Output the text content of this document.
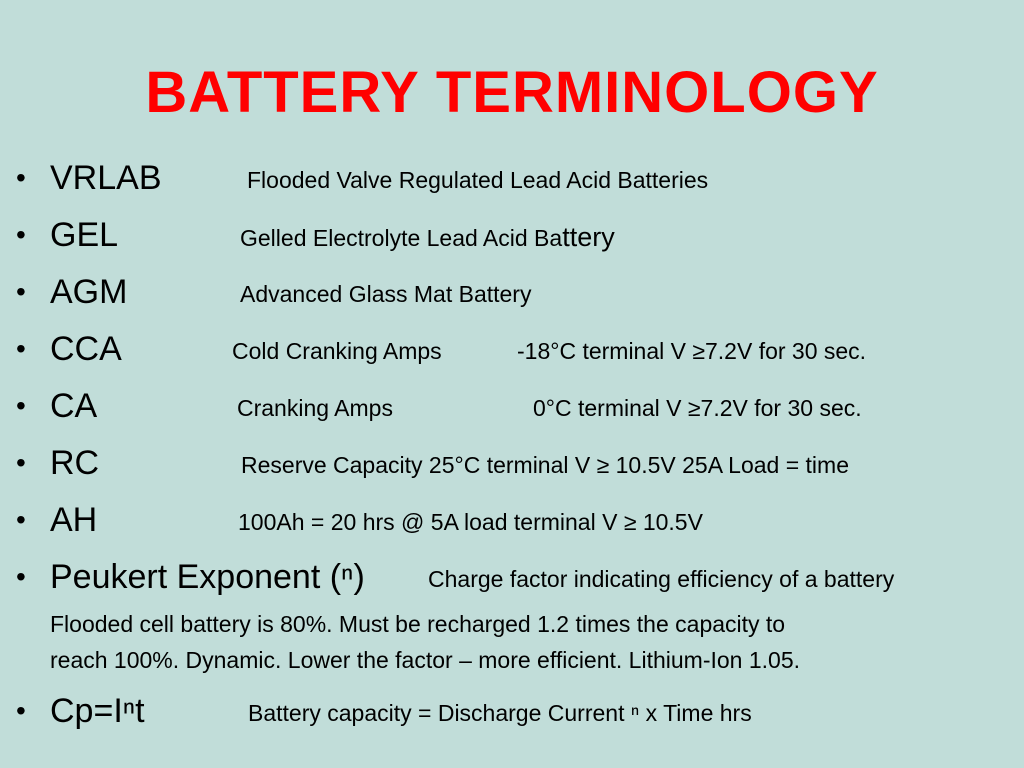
BATTERY TERMINOLOGY
• VRLAB	Flooded Valve Regulated Lead Acid Batteries
• GEL	Gelled Electrolyte Lead Acid Battery
• AGM	Advanced Glass Mat Battery
• CCA	Cold Cranking Amps	-18°C terminal V ≥7.2V for 30 sec.
• CA	Cranking Amps	0°C terminal V ≥7.2V for 30 sec.
• RC	Reserve Capacity 25°C terminal V ≥ 10.5V 25A Load = time
• AH	100Ah = 20 hrs @ 5A load terminal V ≥ 10.5V
• Peukert Exponent (ⁿ)	Charge factor indicating efficiency of a battery
Flooded cell battery is 80%. Must be recharged 1.2 times the capacity to
reach 100%. Dynamic. Lower the factor – more efficient. Lithium-Ion 1.05.
• Cp=Iⁿt	Battery capacity = Discharge Current ⁿ x Time hrs
